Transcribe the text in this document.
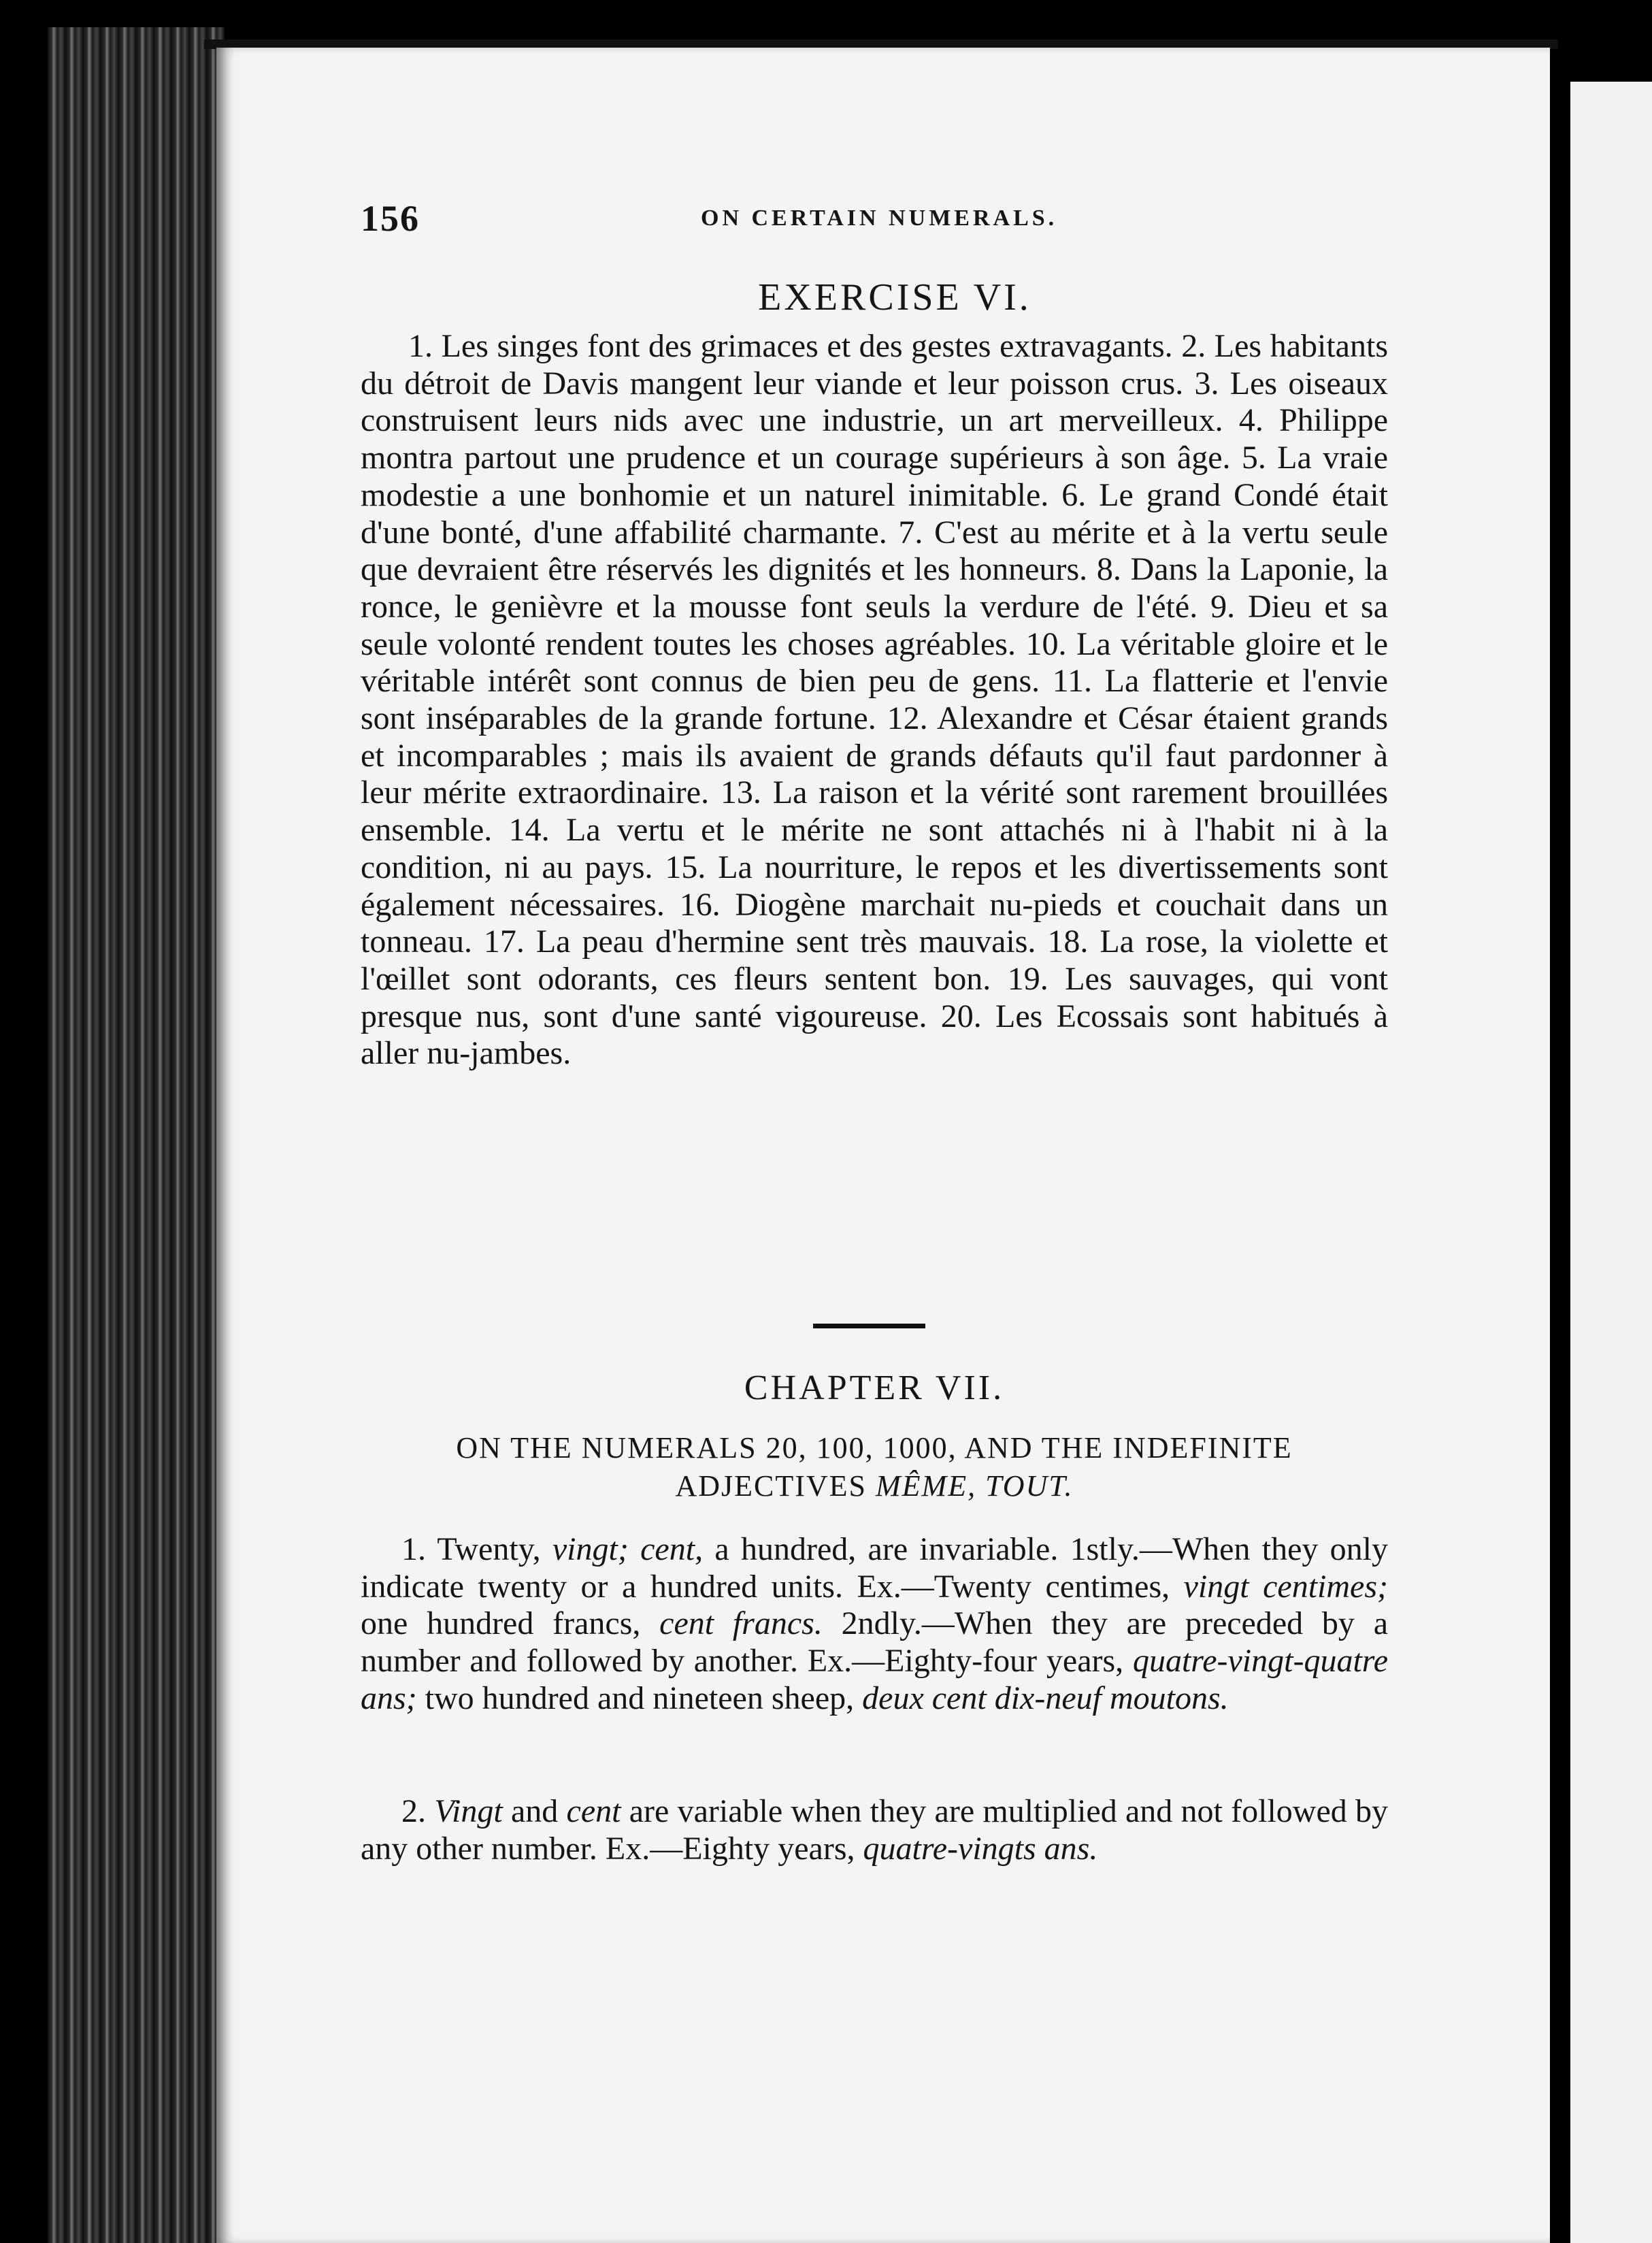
156	ON CERTAIN NUMERALS.
EXERCISE VI.
1. Les singes font des grimaces et des gestes extravagants. 2. Les habitants du détroit de Davis mangent leur viande et leur poisson crus. 3. Les oiseaux construisent leurs nids avec une industrie, un art merveilleux. 4. Philippe montra partout une prudence et un courage supérieurs à son âge. 5. La vraie modestie a une bonhomie et un naturel inimitable. 6. Le grand Condé était d'une bonté, d'une affabilité charmante. 7. C'est au mérite et à la vertu seule que devraient être réservés les dignités et les honneurs. 8. Dans la Laponie, la ronce, le genièvre et la mousse font seuls la verdure de l'été. 9. Dieu et sa seule volonté rendent toutes les choses agréables. 10. La véritable gloire et le véritable intérêt sont connus de bien peu de gens. 11. La flatterie et l'envie sont inséparables de la grande fortune. 12. Alexandre et César étaient grands et incomparables ; mais ils avaient de grands défauts qu'il faut pardonner à leur mérite extraordinaire. 13. La raison et la vérité sont rarement brouillées ensemble. 14. La vertu et le mérite ne sont attachés ni à l'habit ni à la condition, ni au pays. 15. La nourriture, le repos et les divertissements sont également nécessaires. 16. Diogène marchait nu-pieds et couchait dans un tonneau. 17. La peau d'hermine sent très mauvais. 18. La rose, la violette et l'œillet sont odorants, ces fleurs sentent bon. 19. Les sauvages, qui vont presque nus, sont d'une santé vigoureuse. 20. Les Ecossais sont habitués à aller nu-jambes.
CHAPTER VII.
ON THE NUMERALS 20, 100, 1000, AND THE INDEFINITE ADJECTIVES MÊME, TOUT.
1. Twenty, vingt; cent, a hundred, are invariable. 1stly.—When they only indicate twenty or a hundred units. Ex.—Twenty centimes, vingt centimes; one hundred francs, cent francs. 2ndly.—When they are preceded by a number and followed by another. Ex.—Eighty-four years, quatre-vingt-quatre ans; two hundred and nineteen sheep, deux cent dix-neuf moutons.
2. Vingt and cent are variable when they are multiplied and not followed by any other number. Ex.—Eighty years, quatre-vingts ans.
